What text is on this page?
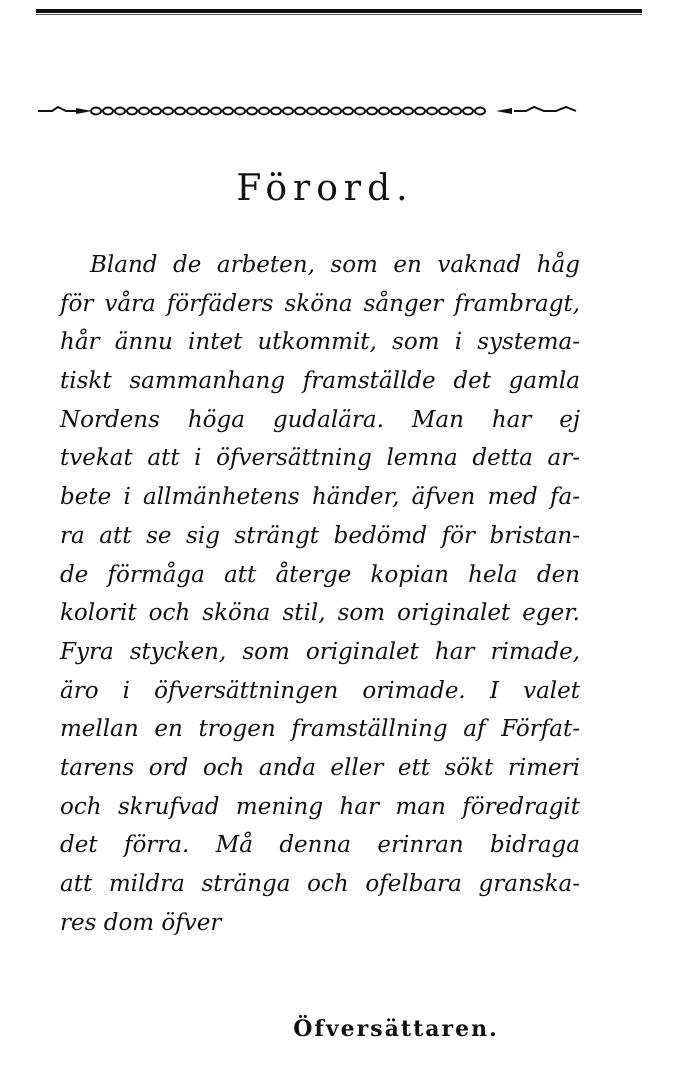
Förord.
Bland de arbeten, som en vaknad håg
för våra förfäders sköna sånger frambragt,
hår ännu intet utkommit, som i systema-
tiskt sammanhang framställde det gamla
Nordens höga gudalära. Man har ej
tvekat att i öfversättning lemna detta ar-
bete i allmänhetens händer, äfven med fa-
ra att se sig strängt bedömd för bristan-
de förmåga att återge kopian hela den
kolorit och sköna stil, som originalet eger.
Fyra stycken, som originalet har rimade,
äro i öfversättningen orimade. I valet
mellan en trogen framställning af Förfat-
tarens ord och anda eller ett sökt rimeri
och skrufvad mening har man föredragit
det förra. Må denna erinran bidraga
att mildra stränga och ofelbara granska-
res dom öfver
Öfversättaren.
